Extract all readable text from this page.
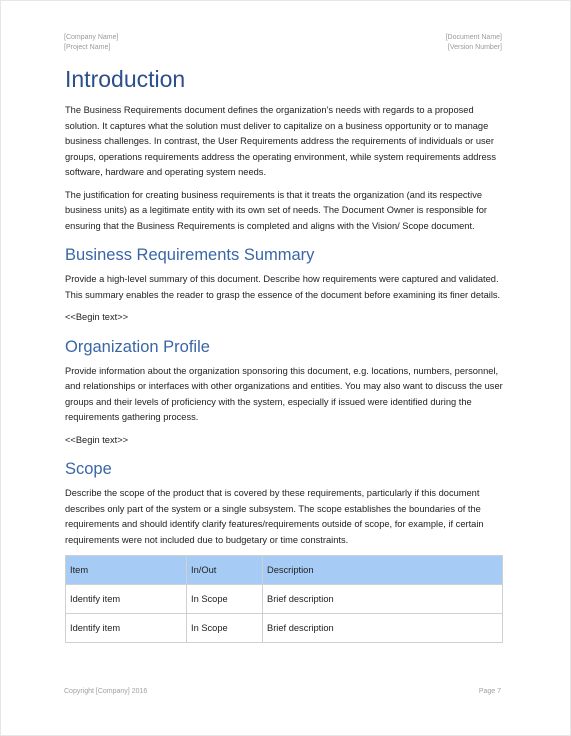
[Company Name]
[Project Name]
[Document Name]
[Version Number]
Introduction

The Business Requirements document defines the organization’s needs with regards to a proposed solution. It captures what the solution must deliver to capitalize on a business opportunity or to manage business challenges. In contrast, the User Requirements address the requirements of individuals or user groups, operations requirements address the operating environment, while system requirements address software, hardware and operating system needs.

The justification for creating business requirements is that it treats the organization (and its respective business units) as a legitimate entity with its own set of needs. The Document Owner is responsible for ensuring that the Business Requirements is completed and aligns with the Vision/ Scope document.

Business Requirements Summary

Provide a high-level summary of this document. Describe how requirements were captured and validated. This summary enables the reader to grasp the essence of the document before examining its finer details.

<<Begin text>>

Organization Profile

Provide information about the organization sponsoring this document, e.g. locations, numbers, personnel, and relationships or interfaces with other organizations and entities. You may also want to discuss the user groups and their levels of proficiency with the system, especially if issued were identified during the requirements gathering process.

<<Begin text>>

Scope

Describe the scope of the product that is covered by these requirements, particularly if this document describes only part of the system or a single subsystem. The scope establishes the boundaries of the requirements and should identify clarify features/requirements outside of scope, for example, if certain requirements were not included due to budgetary or time constraints.

Item	In/Out	Description
Identify item	In Scope	Brief description
Identify item	In Scope	Brief description
Copyright [Company] 2016	Page 7
